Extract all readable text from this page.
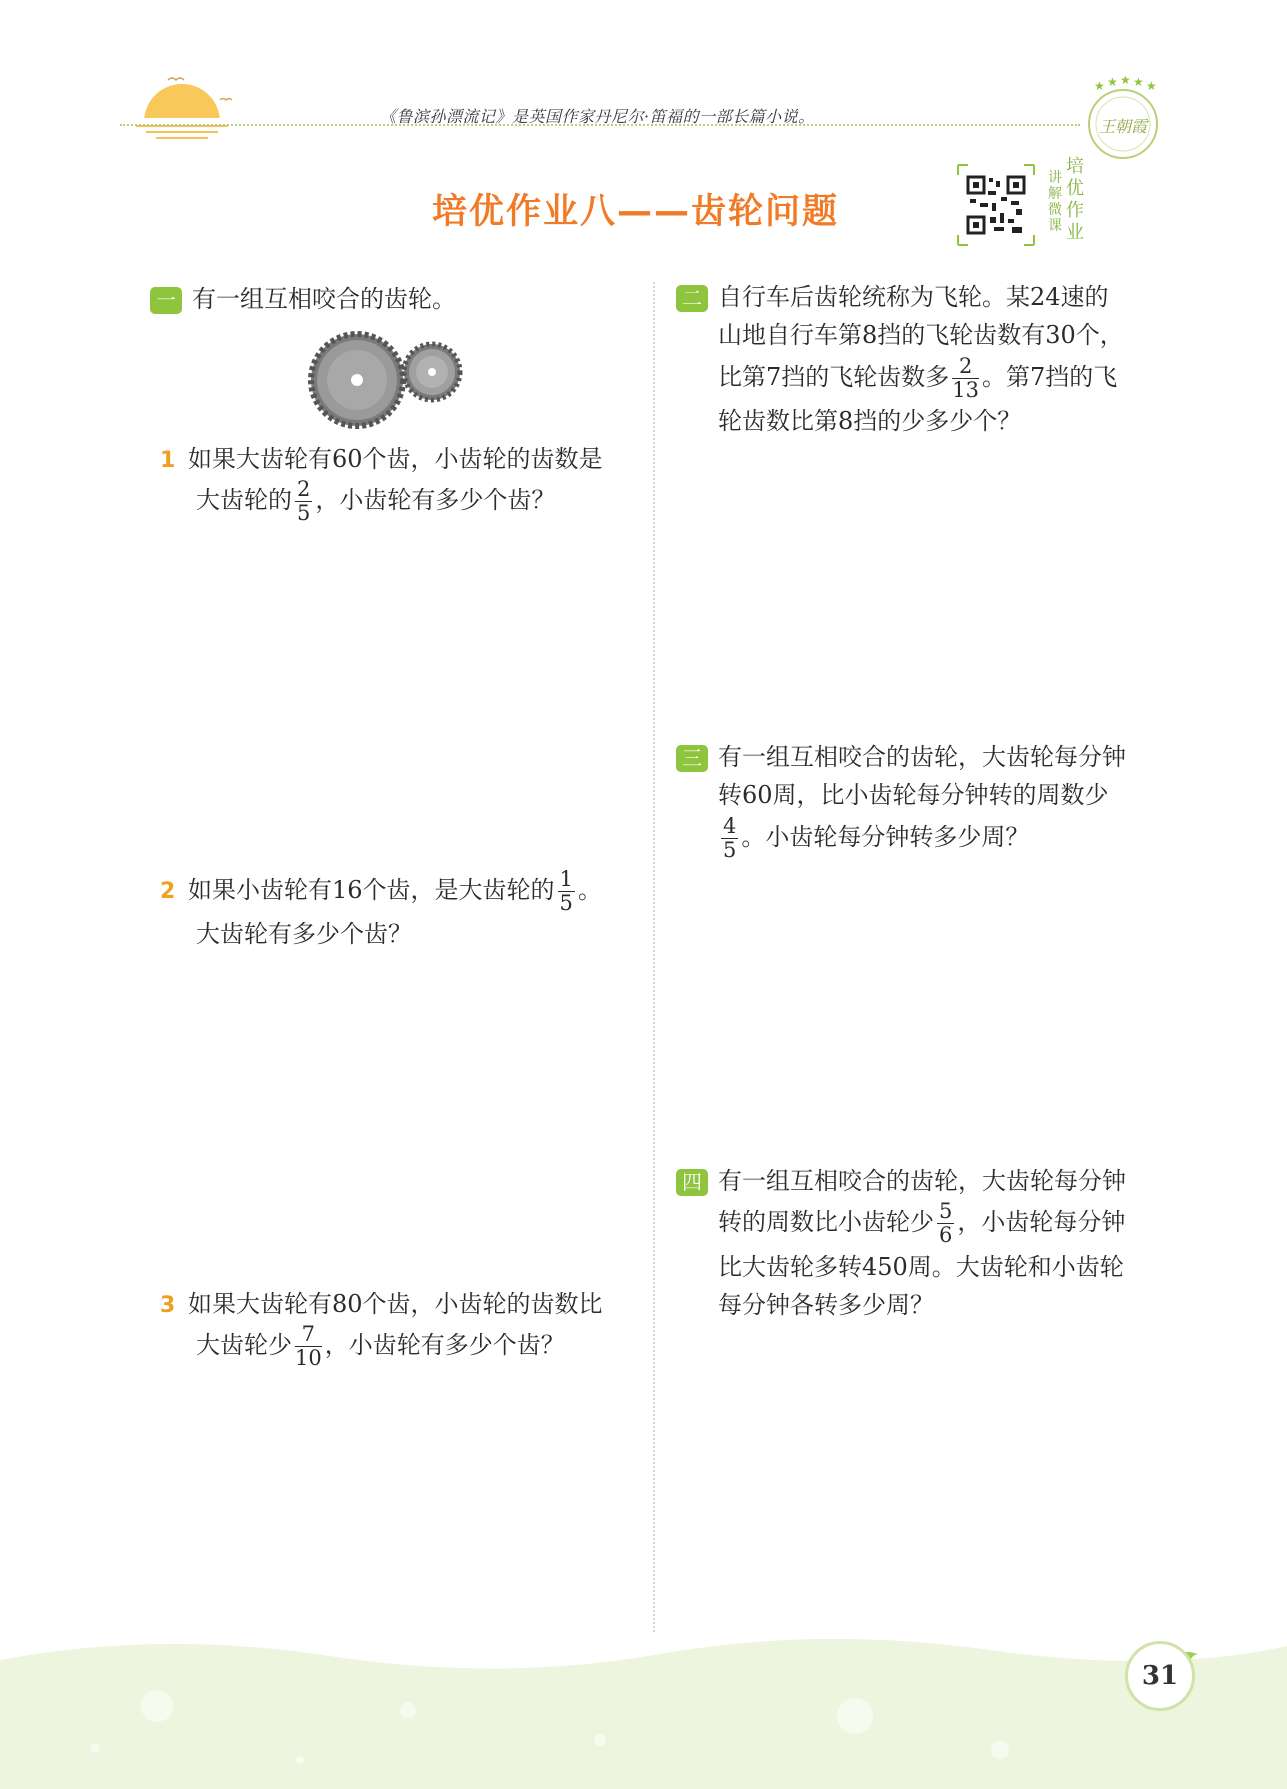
《鲁滨孙漂流记》是英国作家丹尼尔·笛福的一部长篇小说。
★ ★ ★ ★ ★
王朝霞
培优作业八——齿轮问题
讲解微课
培优作业
一 有一组互相咬合的齿轮。
1 如果大齿轮有60个齿，小齿轮的齿数是
大齿轮的 $\frac{2}{5}$ ，小齿轮有多少个齿？
2 如果小齿轮有16个齿，是大齿轮的 $\frac{1}{5}$ 。
大齿轮有多少个齿？
3 如果大齿轮有80个齿，小齿轮的齿数比
大齿轮少 $\frac{7}{10}$ ，小齿轮有多少个齿？
二 自行车后齿轮统称为飞轮。某24速的
山地自行车第8挡的飞轮齿数有30个，
比第7挡的飞轮齿数多 $\frac{2}{13}$ 。第7挡的飞
轮齿数比第8挡的少多少个？
三 有一组互相咬合的齿轮，大齿轮每分钟
转60周，比小齿轮每分钟转的周数少
$\frac{4}{5}$ 。小齿轮每分钟转多少周？
四 有一组互相咬合的齿轮，大齿轮每分钟
转的周数比小齿轮少 $\frac{5}{6}$ ，小齿轮每分钟
比大齿轮多转450周。大齿轮和小齿轮
每分钟各转多少周？
31
